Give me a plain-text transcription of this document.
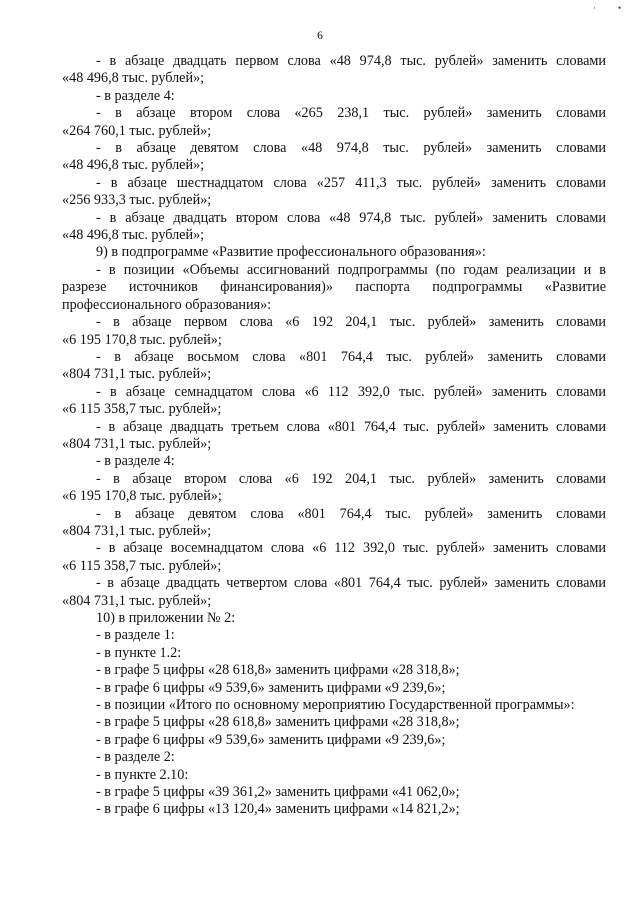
· •
6

- в абзаце двадцать первом слова «48 974,8 тыс. рублей» заменить словами

«48 496,8 тыс. рублей»;

- в разделе 4:

- в абзаце втором слова «265 238,1 тыс. рублей» заменить словами

«264 760,1 тыс. рублей»;

- в абзаце девятом слова «48 974,8 тыс. рублей» заменить словами

«48 496,8 тыс. рублей»;

- в абзаце шестнадцатом слова «257 411,3 тыс. рублей» заменить словами

«256 933,3 тыс. рублей»;

- в абзаце двадцать втором слова «48 974,8 тыс. рублей» заменить словами

«48 496,8 тыс. рублей»;

9) в подпрограмме «Развитие профессионального образования»:

- в позиции «Объемы ассигнований подпрограммы (по годам реализации и в

разрезе источников финансирования)» паспорта подпрограммы «Развитие

профессионального образования»:

- в абзаце первом слова «6 192 204,1 тыс. рублей» заменить словами

«6 195 170,8 тыс. рублей»;

- в абзаце восьмом слова «801 764,4 тыс. рублей» заменить словами

«804 731,1 тыс. рублей»;

- в абзаце семнадцатом слова «6 112 392,0 тыс. рублей» заменить словами

«6 115 358,7 тыс. рублей»;

- в абзаце двадцать третьем слова «801 764,4 тыс. рублей» заменить словами

«804 731,1 тыс. рублей»;

- в разделе 4:

- в абзаце втором слова «6 192 204,1 тыс. рублей» заменить словами

«6 195 170,8 тыс. рублей»;

- в абзаце девятом слова «801 764,4 тыс. рублей» заменить словами

«804 731,1 тыс. рублей»;

- в абзаце восемнадцатом слова «6 112 392,0 тыс. рублей» заменить словами

«6 115 358,7 тыс. рублей»;

- в абзаце двадцать четвертом слова «801 764,4 тыс. рублей» заменить словами

«804 731,1 тыс. рублей»;

10) в приложении № 2:

- в разделе 1:

- в пункте 1.2:

- в графе 5 цифры «28 618,8» заменить цифрами «28 318,8»;

- в графе 6 цифры «9 539,6» заменить цифрами «9 239,6»;

- в позиции «Итого по основному мероприятию Государственной программы»:

- в графе 5 цифры «28 618,8» заменить цифрами «28 318,8»;

- в графе 6 цифры «9 539,6» заменить цифрами «9 239,6»;

- в разделе 2:

- в пункте 2.10:

- в графе 5 цифры «39 361,2» заменить цифрами «41 062,0»;

- в графе 6 цифры «13 120,4» заменить цифрами «14 821,2»;
